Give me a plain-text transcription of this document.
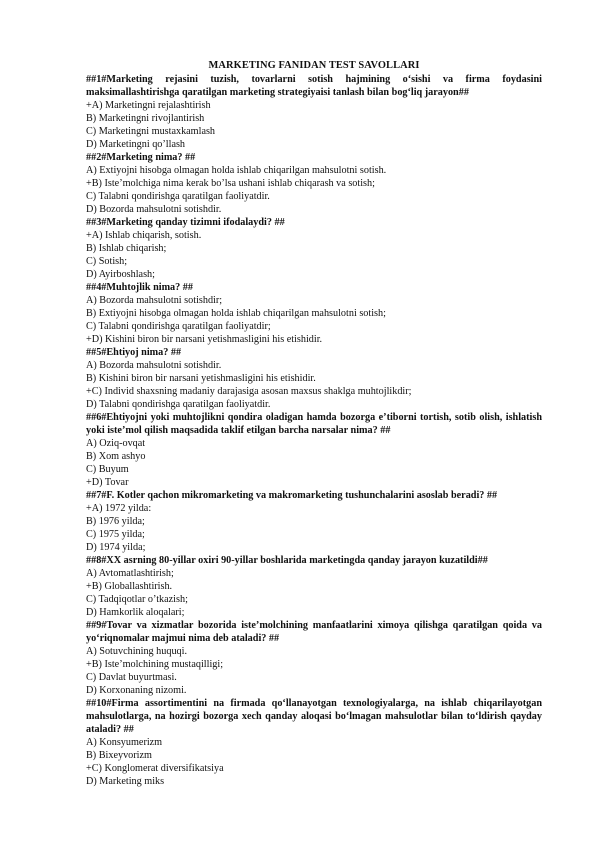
MARKETING FANIDAN TEST SAVOLLARI

##1#Marketing rejasini tuzish, tovarlarni sotish hajmining o‘sishi va firma foydasini maksimallashtirishga qaratilgan marketing strategiyaisi tanlash bilan bog‘liq jarayon##

+A) Marketingni rejalashtirish

B) Marketingni rivojlantirish

C) Marketingni mustaxkamlash

D) Marketingni qo’llash

##2#Marketing nima? ##

A) Extiyojni hisobga olmagan holda ishlab chiqarilgan mahsulotni sotish.

+B) Iste’molchiga nima kerak bo’lsa ushani ishlab chiqarash va sotish;

C) Talabni qondirishga qaratilgan faoliyatdir.

D) Bozorda mahsulotni sotishdir.

##3#Marketing qanday tizimni ifodalaydi? ##

+A) Ishlab chiqarish, sotish.

B) Ishlab chiqarish;

C) Sotish;

D) Ayirboshlash;

##4#Muhtojlik nima? ##

A) Bozorda mahsulotni sotishdir;

B) Extiyojni hisobga olmagan holda ishlab chiqarilgan mahsulotni sotish;

C) Talabni qondirishga qaratilgan faoliyatdir;

+D) Kishini biron bir narsani yetishmasligini his etishidir.

##5#Ehtiyoj nima? ##

A) Bozorda mahsulotni sotishdir.

B) Kishini biron bir narsani yetishmasligini his etishidir.

+C) Individ shaxsning madaniy darajasiga asosan maxsus shaklga muhtojlikdir;

D) Talabni qondirishga qaratilgan faoliyatdir.

##6#Ehtiyojni yoki muhtojlikni qondira oladigan hamda bozorga e’tiborni tortish, sotib olish, ishlatish yoki iste’mol qilish maqsadida taklif etilgan barcha narsalar nima? ##

A) Oziq-ovqat

B) Xom ashyo

C) Buyum

+D) Tovar

##7#F. Kotler qachon mikromarketing va makromarketing tushunchalarini asoslab beradi? ##

+A) 1972 yilda:

B) 1976 yilda;

C) 1975 yilda;

D) 1974 yilda;

##8#XX asrning 80-yillar oxiri 90-yillar boshlarida marketingda qanday jarayon kuzatildi##

A) Avtomatlashtirish;

+B) Globallashtirish.

C) Tadqiqotlar o’tkazish;

D) Hamkorlik aloqalari;

##9#Tovar va xizmatlar bozorida iste’molchining manfaatlarini ximoya qilishga qaratilgan qoida va yo‘riqnomalar majmui nima deb ataladi? ##

A) Sotuvchining huquqi.

+B) Iste’molchining mustaqilligi;

C) Davlat buyurtmasi.

D) Korxonaning nizomi.

##10#Firma assortimentini na firmada qo‘llanayotgan texnologiyalarga, na ishlab chiqarilayotgan mahsulotlarga, na hozirgi bozorga xech qanday aloqasi bo‘lmagan mahsulotlar bilan to‘ldirish qayday ataladi? ##

A) Konsyumerizm

B) Bixeyvorizm

+C) Konglomerat diversifikatsiya

D) Marketing miks
